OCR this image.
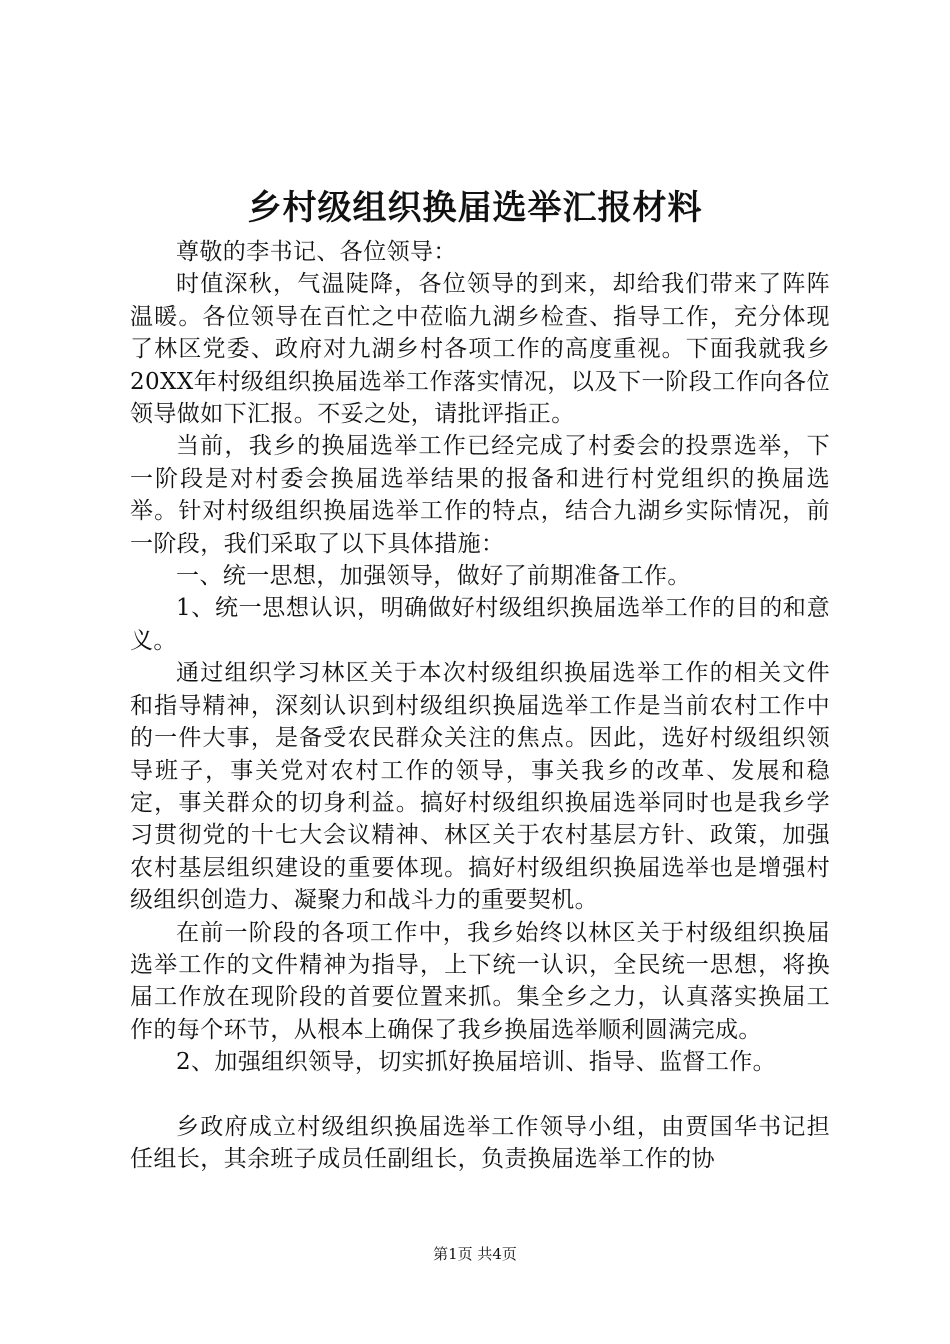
乡村级组织换届选举汇报材料

尊敬的李书记、各位领导：

时值深秋，气温陡降，各位领导的到来，却给我们带来了阵阵温暖。各位领导在百忙之中莅临九湖乡检查、指导工作，充分体现了林区党委、政府对九湖乡村各项工作的高度重视。下面我就我乡20XX年村级组织换届选举工作落实情况，以及下一阶段工作向各位领导做如下汇报。不妥之处，请批评指正。

当前，我乡的换届选举工作已经完成了村委会的投票选举，下一阶段是对村委会换届选举结果的报备和进行村党组织的换届选举。针对村级组织换届选举工作的特点，结合九湖乡实际情况，前一阶段，我们采取了以下具体措施：

一、统一思想，加强领导，做好了前期准备工作。

1、统一思想认识，明确做好村级组织换届选举工作的目的和意义。

通过组织学习林区关于本次村级组织换届选举工作的相关文件和指导精神，深刻认识到村级组织换届选举工作是当前农村工作中的一件大事，是备受农民群众关注的焦点。因此，选好村级组织领导班子，事关党对农村工作的领导，事关我乡的改革、发展和稳定，事关群众的切身利益。搞好村级组织换届选举同时也是我乡学习贯彻党的十七大会议精神、林区关于农村基层方针、政策，加强农村基层组织建设的重要体现。搞好村级组织换届选举也是增强村级组织创造力、凝聚力和战斗力的重要契机。

在前一阶段的各项工作中，我乡始终以林区关于村级组织换届选举工作的文件精神为指导，上下统一认识，全民统一思想，将换届工作放在现阶段的首要位置来抓。集全乡之力，认真落实换届工作的每个环节，从根本上确保了我乡换届选举顺利圆满完成。

2、加强组织领导，切实抓好换届培训、指导、监督工作。

乡政府成立村级组织换届选举工作领导小组，由贾国华书记担任组长，其余班子成员任副组长，负责换届选举工作的协

第1页 共4页
